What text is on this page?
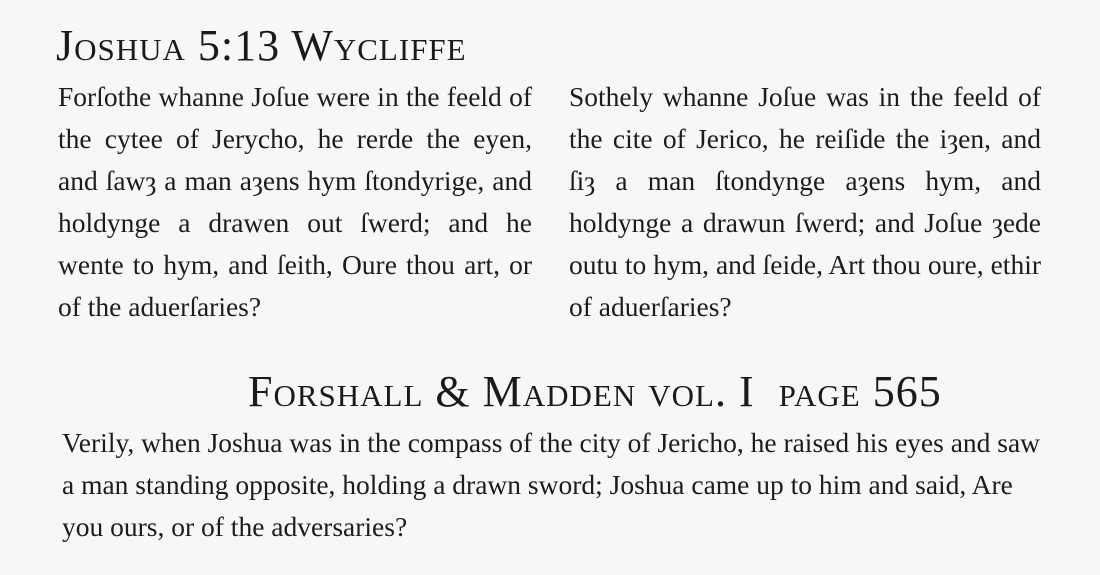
Joshua 5:13 Wycliffe

Forſothe whanne Joſue were in the feeld of the cytee of Jerycho, he rerde the eyen, and ſawȝ a man aȝens hym ſtondyrige, and holdynge a drawen out ſwerd; and he wente to hym, and ſeith, Oure thou art, or of the aduerſaries?

Sothely whanne Joſue was in the feeld of the cite of Jerico, he reiſide the iȝen, and ſiȝ a man ſtondynge aȝens hym, and holdynge a drawun ſwerd; and Joſue ȝede outu to hym, and ſeide, Art thou oure, ethir of aduerſaries?

Forshall & Madden vol. I  page 565

Verily, when Joshua was in the compass of the city of Jericho, he raised his eyes and saw a man standing opposite, holding a drawn sword; Joshua came up to him and said, Are you ours, or of the adversaries?
